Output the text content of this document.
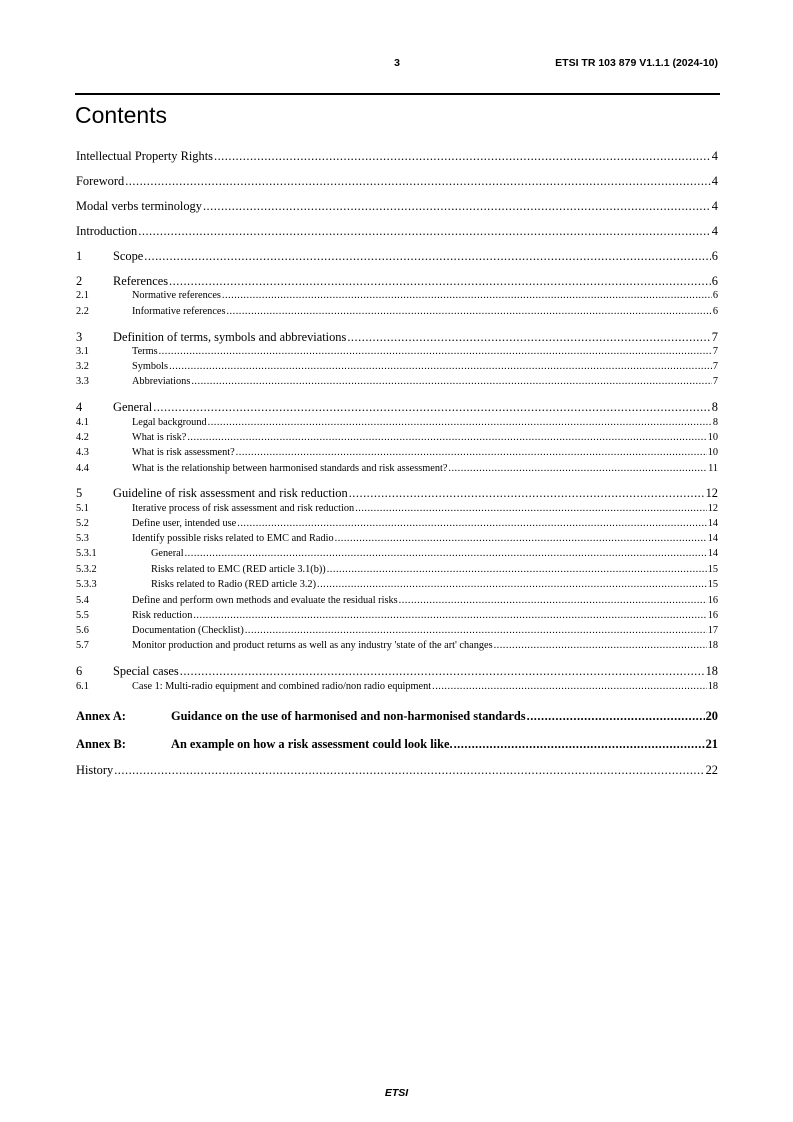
3	ETSI TR 103 879 V1.1.1 (2024-10)
Contents
Intellectual Property Rights .....	4
Foreword .....	4
Modal verbs terminology .....	4
Introduction .....	4
1	Scope .....	6
2	References .....	6
2.1	Normative references .....	6
2.2	Informative references .....	6
3	Definition of terms, symbols and abbreviations .....	7
3.1	Terms .....	7
3.2	Symbols .....	7
3.3	Abbreviations .....	7
4	General .....	8
4.1	Legal background .....	8
4.2	What is risk? .....	10
4.3	What is risk assessment? .....	10
4.4	What is the relationship between harmonised standards and risk assessment? .....	11
5	Guideline of risk assessment and risk reduction .....	12
5.1	Iterative process of risk assessment and risk reduction .....	12
5.2	Define user, intended use .....	14
5.3	Identify possible risks related to EMC and Radio .....	14
5.3.1	General .....	14
5.3.2	Risks related to EMC (RED article 3.1(b)) .....	15
5.3.3	Risks related to Radio (RED article 3.2) .....	15
5.4	Define and perform own methods and evaluate the residual risks .....	16
5.5	Risk reduction .....	16
5.6	Documentation (Checklist) .....	17
5.7	Monitor production and product returns as well as any industry 'state of the art' changes .....	18
6	Special cases .....	18
6.1	Case 1: Multi-radio equipment and combined radio/non radio equipment .....	18
Annex A:	Guidance on the use of harmonised and non-harmonised standards .....	20
Annex B:	An example on how a risk assessment could look like. .....	21
History .....	22
ETSI
